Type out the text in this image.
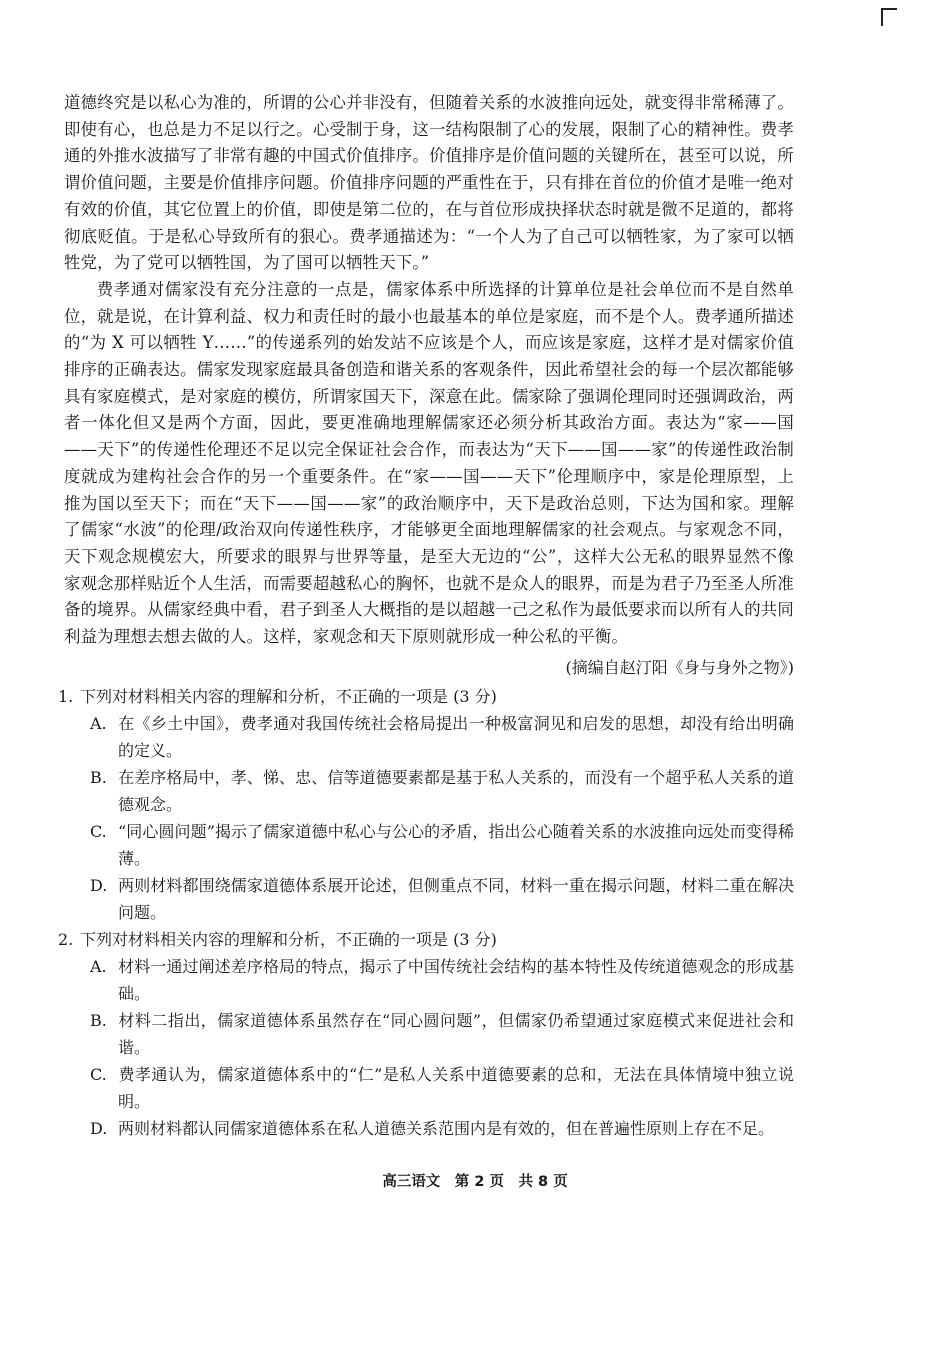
道德终究是以私心为准的，所谓的公心并非没有，但随着关系的水波推向远处，就变得非常稀薄了。即使有心，也总是力不足以行之。心受制于身，这一结构限制了心的发展，限制了心的精神性。费孝通的外推水波描写了非常有趣的中国式价值排序。价值排序是价值问题的关键所在，甚至可以说，所谓价值问题，主要是价值排序问题。价值排序问题的严重性在于，只有排在首位的价值才是唯一绝对有效的价值，其它位置上的价值，即使是第二位的，在与首位形成抉择状态时就是微不足道的，都将彻底贬值。于是私心导致所有的狠心。费孝通描述为：“一个人为了自己可以牺牲家，为了家可以牺牲党，为了党可以牺牲国，为了国可以牺牲天下。”

费孝通对儒家没有充分注意的一点是，儒家体系中所选择的计算单位是社会单位而不是自然单位，就是说，在计算利益、权力和责任时的最小也最基本的单位是家庭，而不是个人。费孝通所描述的“为 X 可以牺牲 Y……”的传递系列的始发站不应该是个人，而应该是家庭，这样才是对儒家价值排序的正确表达。儒家发现家庭最具备创造和谐关系的客观条件，因此希望社会的每一个层次都能够具有家庭模式，是对家庭的模仿，所谓家国天下，深意在此。儒家除了强调伦理同时还强调政治，两者一体化但又是两个方面，因此，要更准确地理解儒家还必须分析其政治方面。表达为“家——国——天下”的传递性伦理还不足以完全保证社会合作，而表达为“天下——国——家”的传递性政治制度就成为建构社会合作的另一个重要条件。在“家——国——天下”伦理顺序中，家是伦理原型，上推为国以至天下；而在“天下——国——家”的政治顺序中，天下是政治总则，下达为国和家。理解了儒家“水波”的伦理/政治双向传递性秩序，才能够更全面地理解儒家的社会观点。与家观念不同，天下观念规模宏大，所要求的眼界与世界等量，是至大无边的“公”，这样大公无私的眼界显然不像家观念那样贴近个人生活，而需要超越私心的胸怀，也就不是众人的眼界，而是为君子乃至圣人所准备的境界。从儒家经典中看，君子到圣人大概指的是以超越一己之私作为最低要求而以所有人的共同利益为理想去想去做的人。这样，家观念和天下原则就形成一种公私的平衡。

(摘编自赵汀阳《身与身外之物》)
1. 下列对材料相关内容的理解和分析，不正确的一项是 (3 分)
A. 在《乡土中国》，费孝通对我国传统社会格局提出一种极富洞见和启发的思想，却没有给出明确的定义。
B. 在差序格局中，孝、悌、忠、信等道德要素都是基于私人关系的，而没有一个超乎私人关系的道德观念。
C. “同心圆问题”揭示了儒家道德中私心与公心的矛盾，指出公心随着关系的水波推向远处而变得稀薄。
D. 两则材料都围绕儒家道德体系展开论述，但侧重点不同，材料一重在揭示问题，材料二重在解决问题。
2. 下列对材料相关内容的理解和分析，不正确的一项是 (3 分)
A. 材料一通过阐述差序格局的特点，揭示了中国传统社会结构的基本特性及传统道德观念的形成基础。
B. 材料二指出，儒家道德体系虽然存在“同心圆问题”，但儒家仍希望通过家庭模式来促进社会和谐。
C. 费孝通认为，儒家道德体系中的“仁”是私人关系中道德要素的总和，无法在具体情境中独立说明。
D. 两则材料都认同儒家道德体系在私人道德关系范围内是有效的，但在普遍性原则上存在不足。
高三语文　第 2 页　共 8 页
